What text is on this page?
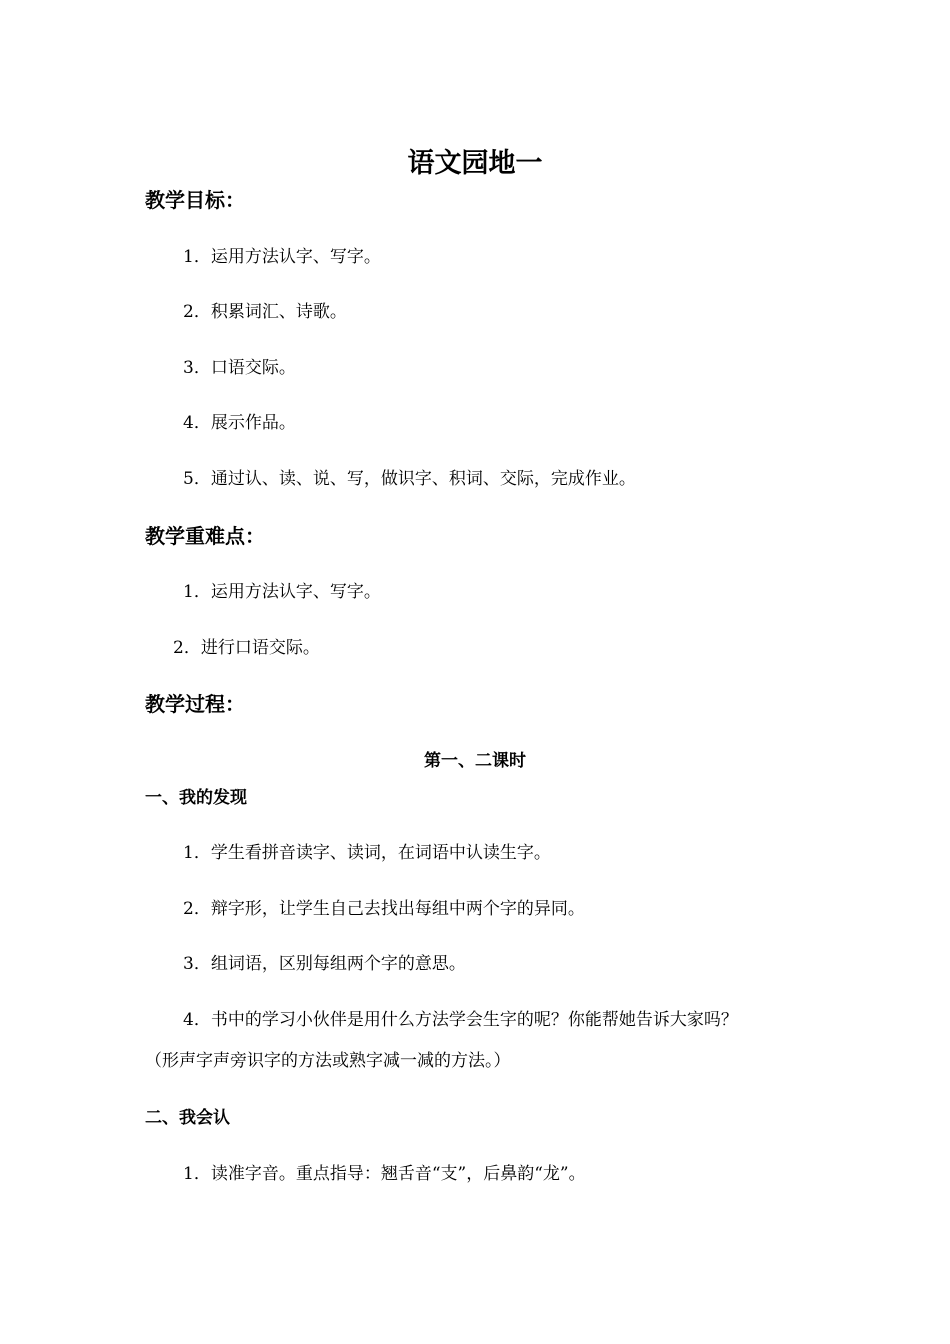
语文园地一
教学目标：
1．运用方法认字、写字。
2．积累词汇、诗歌。
3．口语交际。
4．展示作品。
5．通过认、读、说、写，做识字、积词、交际，完成作业。
教学重难点：
1．运用方法认字、写字。
2．进行口语交际。
教学过程：
第一、二课时
一、我的发现
1．学生看拼音读字、读词，在词语中认读生字。
2．辩字形，让学生自己去找出每组中两个字的异同。
3．组词语，区别每组两个字的意思。
4．书中的学习小伙伴是用什么方法学会生字的呢？你能帮她告诉大家吗？
（形声字声旁识字的方法或熟字减一减的方法。）
二、我会认
1．读准字音。重点指导：翘舌音“支”，后鼻韵“龙”。
